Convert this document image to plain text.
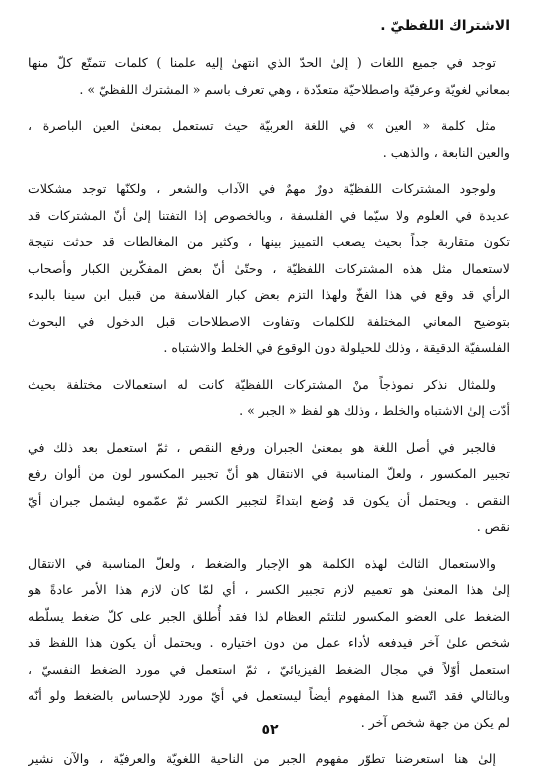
الاشتراك اللفظيّ .
توجد في جميع اللغات ( إلىٰ الحدّ الذي انتهىٰ إليه علمنا ) كلمات تتمتّع كلّ منها
بمعاني لغويّة وعرفيّة واصطلاحيّة متعدّدة ، وهي تعرف باسم « المشترك اللفظيّ » .
مثل كلمة « العين » في اللغة العربيّة حيث تستعمل بمعنىٰ العين الباصرة ،
والعين النابعة ، والذهب .
ولوجود المشتركات اللفظيّة دورٌ مهمٌ في الآداب والشعر ، ولكنّها توجد مشكلات
عديدة في العلوم ولا سيّما في الفلسفة ، وبالخصوص إذا التفتنا إلىٰ أنّ المشتركات قد
تكون متقاربة جداً بحيث يصعب التمييز بينها ، وكثير من المغالطات قد حدثت نتيجة
لاستعمال مثل هذه المشتركات اللفظيّة ، وحتّىٰ أنّ بعض المفكّرين الكبار وأصحاب
الرأي قد وقع في هذا الفخّ ولهذا التزم بعض كبار الفلاسفة من قبيل ابن سينا بالبدء
بتوضيح المعاني المختلفة للكلمات وتفاوت الاصطلاحات قبل الدخول في البحوث
الفلسفيّة الدقيقة ، وذلك للحيلولة دون الوقوع في الخلط والاشتباه .
وللمثال نذكر نموذجاً منْ المشتركات اللفظيّة كانت له استعمالات مختلفة بحيث
أدّت إلىٰ الاشتباه والخلط ، وذلك هو لفظ « الجبر » .
فالجبر في أصل اللغة هو بمعنىٰ الجبران ورفع النقص ، ثمّ استعمل بعد ذلك في
تجبير المكسور ، ولعلّ المناسبة في الانتقال هو أنّ تجبير المكسور لون من ألوان رفع
النقص . ويحتمل أن يكون قد وُضع ابتداءً لتجبير الكسر ثمّ عمّموه ليشمل جبران أيّ
نقص .
والاستعمال الثالث لهذه الكلمة هو الإجبار والضغط ، ولعلّ المناسبة في الانتقال
إلىٰ هذا المعنىٰ هو تعميم لازم تجبير الكسر ، أي لمّا كان لازم هذا الأمر عادةً هو
الضغط على العضو المكسور لتلتئم العظام لذا فقد أُطلق الجبر على كلّ ضغط يسلّطه
شخص علىٰ آخر فيدفعه لأداء عمل من دون اختياره . ويحتمل أن يكون هذا اللفظ قد
استعمل أوّلاً في مجال الضغط الفيزيائيّ ، ثمّ استعمل في مورد الضغط النفسيّ ،
وبالتالي فقد اتّسع هذا المفهوم أيضاً ليستعمل في أيّ مورد للإحساس بالضغط ولو أنّه
لم يكن من جهة شخص آخر .
إلىٰ هنا استعرضنا تطوّر مفهوم الجبر من الناحية اللغويّة والعرفيّة ، والآن نشير
٥٢
